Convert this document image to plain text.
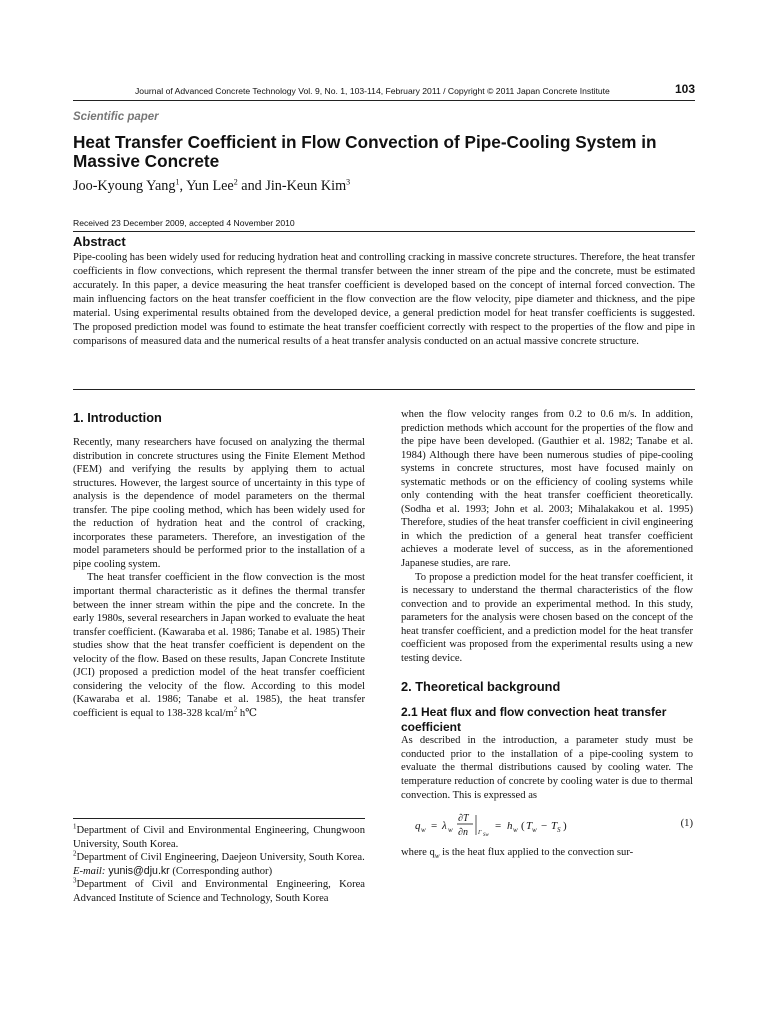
Journal of Advanced Concrete Technology Vol. 9, No. 1, 103-114, February 2011 / Copyright © 2011 Japan Concrete Institute	103
Scientific paper
Heat Transfer Coefficient in Flow Convection of Pipe-Cooling System in Massive Concrete
Joo-Kyoung Yang$^1$, Yun Lee$^2$ and Jin-Keun Kim$^3$
Received 23 December 2009, accepted 4 November 2010
Abstract
Pipe-cooling has been widely used for reducing hydration heat and controlling cracking in massive concrete structures. Therefore, the heat transfer coefficients in flow convections, which represent the thermal transfer between the inner stream of the pipe and the concrete, must be estimated accurately. In this paper, a device measuring the heat transfer coefficient is developed based on the concept of internal forced convection. The main influencing factors on the heat transfer coefficient in the flow convection are the flow velocity, pipe diameter and thickness, and the pipe material. Using experimental results obtained from the developed device, a general prediction model for heat transfer coefficients is suggested. The proposed prediction model was found to estimate the heat transfer coefficient correctly with respect to the properties of the flow and pipe in comparisons of measured data and the numerical results of a heat transfer analysis conducted on an actual massive concrete structure.
1. Introduction

Recently, many researchers have focused on analyzing the thermal distribution in concrete structures using the Finite Element Method (FEM) and verifying the results by applying them to actual structures. However, the largest source of uncertainty in this type of analysis is the dependence of model parameters on the thermal transfer. The pipe cooling method, which has been widely used for the reduction of hydration heat and the control of cracking, incorporates these parameters. Therefore, an investigation of the model parameters should be performed prior to the installation of a pipe cooling system.

The heat transfer coefficient in the flow convection is the most important thermal characteristic as it defines the thermal transfer between the inner stream within the pipe and the concrete. In the early 1980s, several researchers in Japan worked to evaluate the heat transfer coefficient. (Kawaraba et al. 1986; Tanabe et al. 1985) Their studies show that the heat transfer coefficient is dependent on the velocity of the flow. Based on these results, Japan Concrete Institute (JCI) proposed a prediction model of the heat transfer coefficient considering the velocity of the flow. According to this model (Kawaraba et al. 1986; Tanabe et al. 1985), the heat transfer coefficient is equal to 138-328 kcal/$m^2$ h℃

$^1$Department of Civil and Environmental Engineering, Chungwoon University, South Korea.
$^2$Department of Civil Engineering, Daejeon University, South Korea.
E-mail: yunis@dju.kr (Corresponding author)
$^3$Department of Civil and Environmental Engineering, Korea Advanced Institute of Science and Technology, South Korea

when the flow velocity ranges from 0.2 to 0.6 m/s. In addition, prediction methods which account for the properties of the flow and the pipe have been developed. (Gauthier et al. 1982; Tanabe et al. 1984) Although there have been numerous studies of pipe-cooling systems in concrete structures, most have focused mainly on systematic methods or on the efficiency of cooling systems while only contending with the heat transfer coefficient theoretically. (Sodha et al. 1993; John et al. 2003; Mihalakakou et al. 1995) Therefore, studies of the heat transfer coefficient in civil engineering in which the prediction of a general heat transfer coefficient achieves a moderate level of success, as in the aforementioned Japanese studies, are rare.

To propose a prediction model for the heat transfer coefficient, it is necessary to understand the thermal characteristics of the flow convection and to provide an experimental method. In this study, parameters for the analysis were chosen based on the concept of the heat transfer coefficient, and a prediction model for the heat transfer coefficient was proposed from the experimental results using a new testing device.

2. Theoretical background
2.1 Heat flux and flow convection heat transfer coefficient

As described in the introduction, a parameter study must be conducted prior to the installation of a pipe-cooling system to evaluate the thermal distributions caused by cooling water. The temperature reduction of concrete by cooling water is due to thermal convection. This is expressed as

q w = λ w
∂T
∂n Γ Sw
= h w ( T w − T S )	(1)

where $q_w$ is the heat flux applied to the convection sur-
